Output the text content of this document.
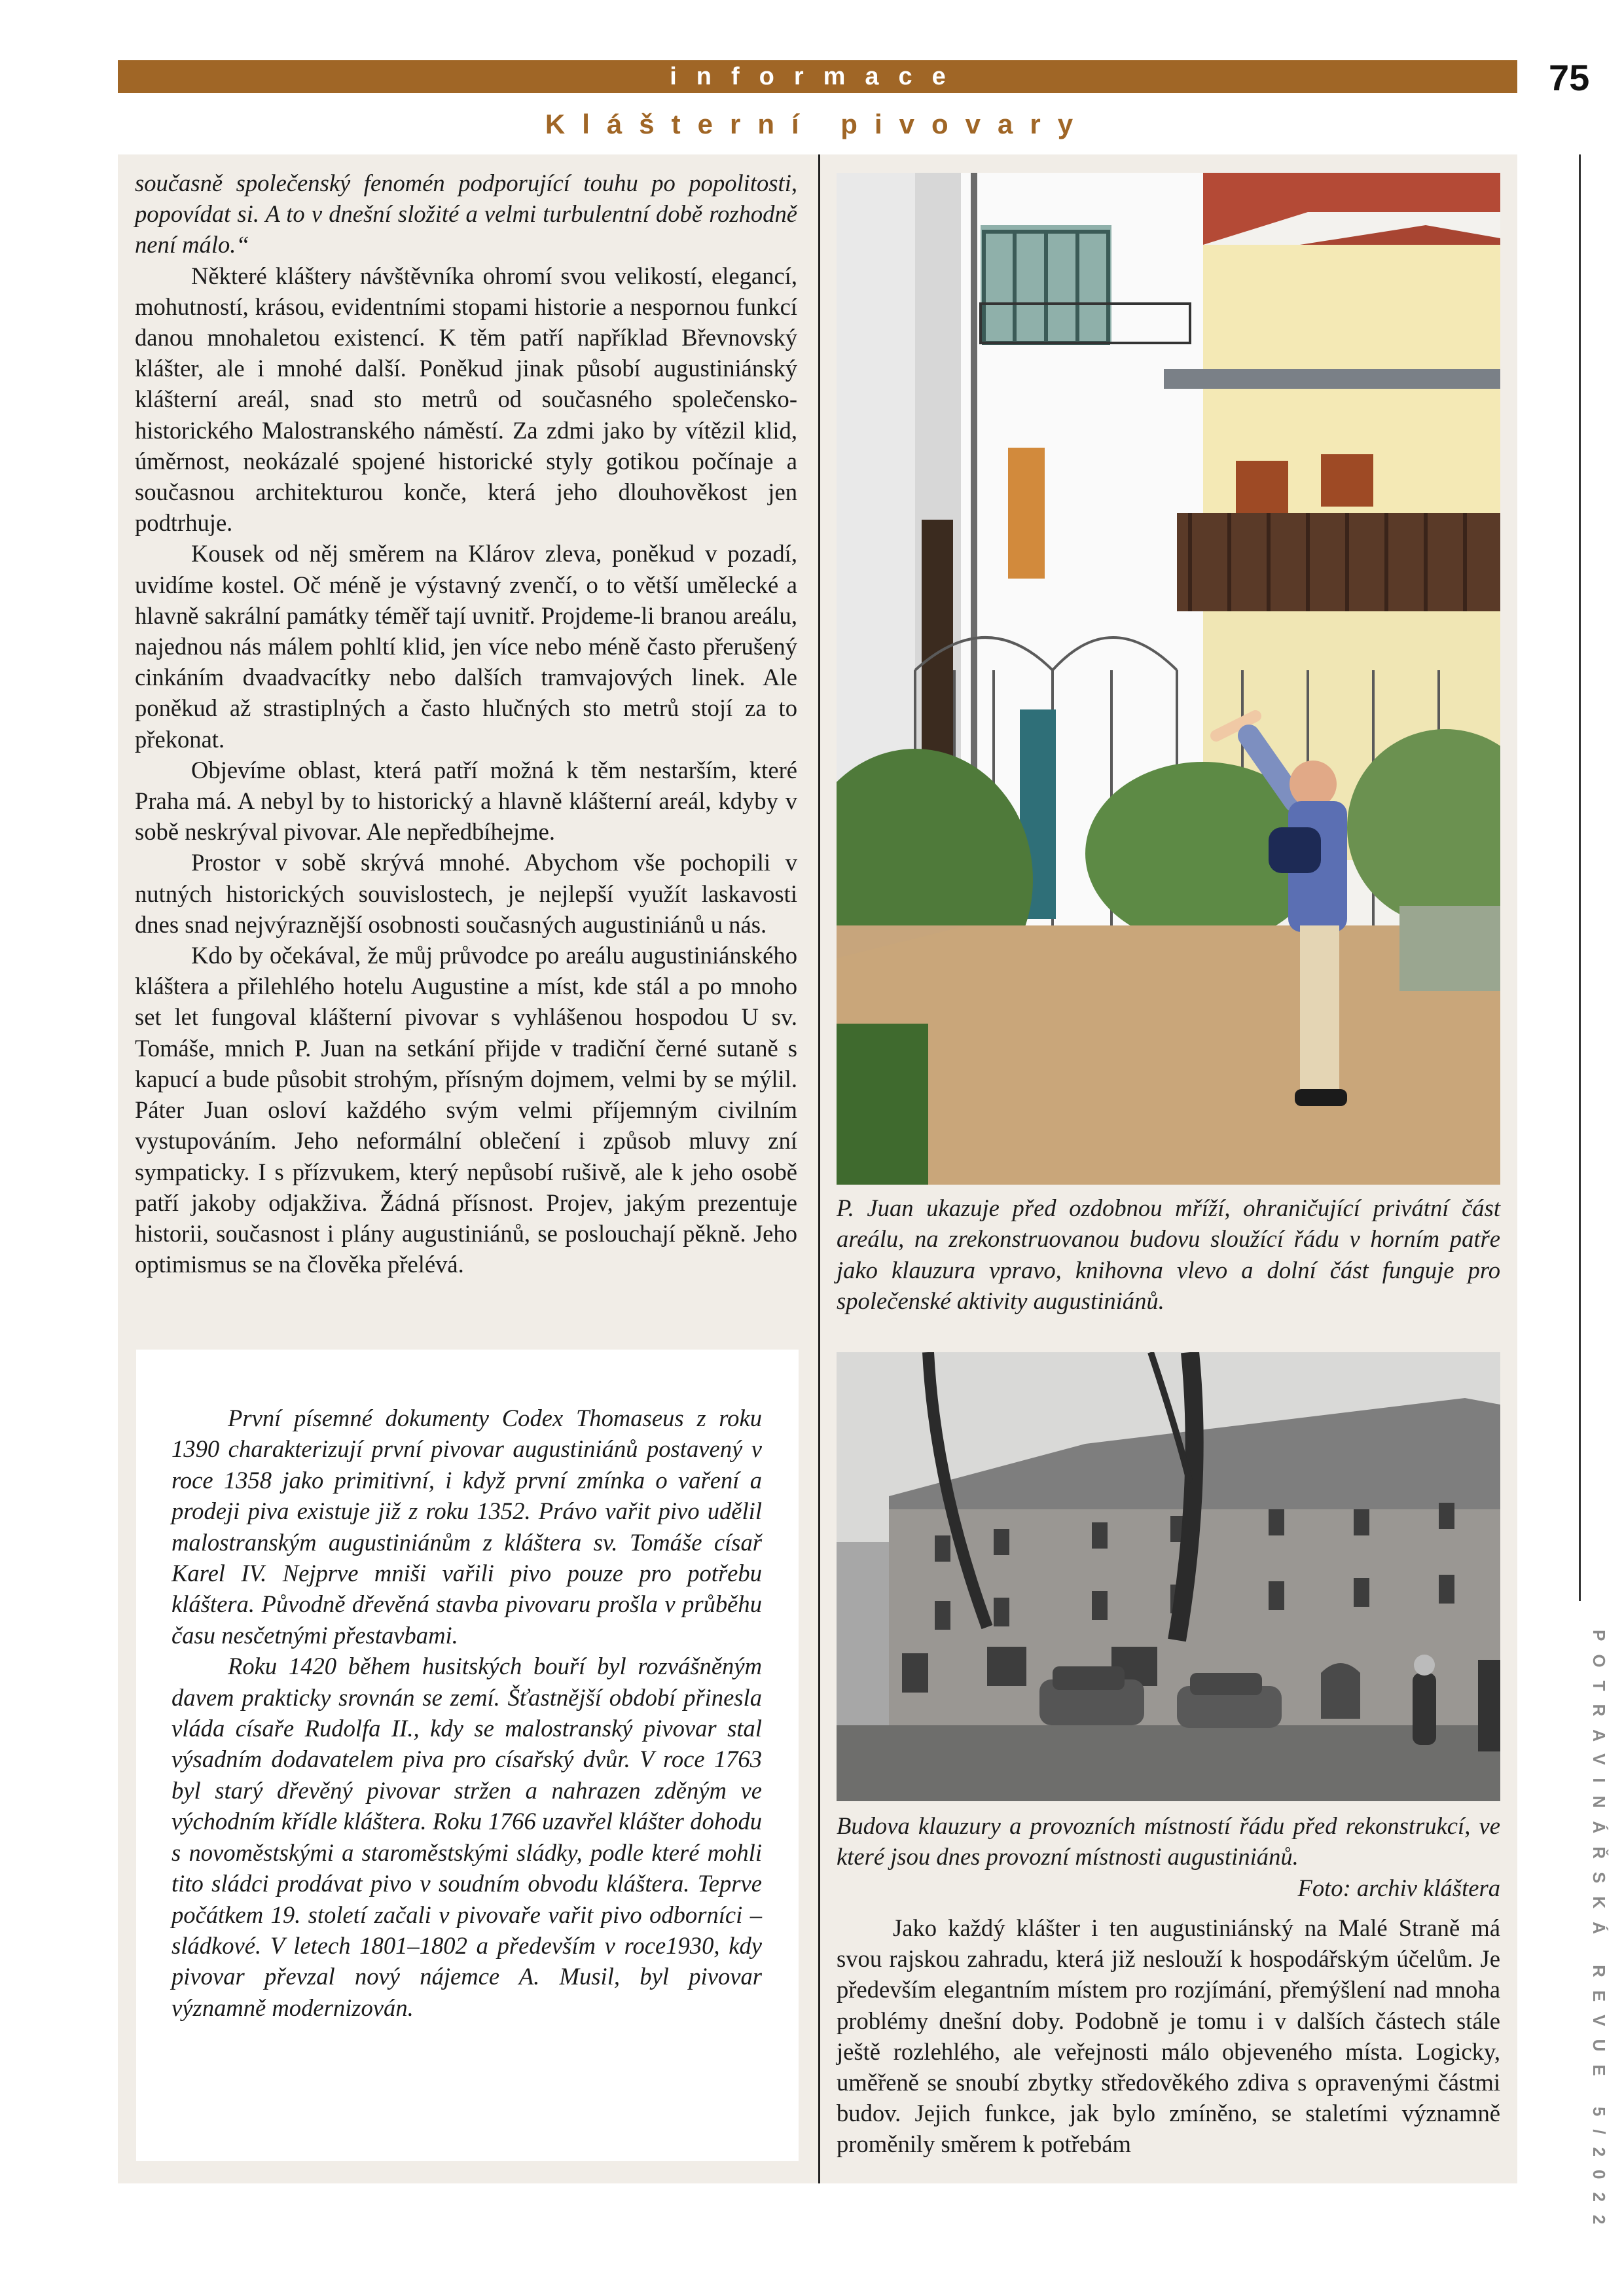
informace	75
Klášterní pivovary

současně společenský fenomén podporující touhu po popolitosti, popovídat si. A to v dnešní složité a velmi turbulentní době rozhodně není málo.“

Některé kláštery návštěvníka ohromí svou velikostí, elegancí, mohutností, krásou, evidentními stopami historie a nespornou funkcí danou mnohaletou existencí. K těm patří například Břevnovský klášter, ale i mnohé další. Poněkud jinak působí augustiniánský klášterní areál, snad sto metrů od současného společensko-historického Malostranského náměstí. Za zdmi jako by vítězil klid, úměrnost, neokázalé spojené historické styly gotikou počínaje a současnou architekturou konče, která jeho dlouhověkost jen podtrhuje.

Kousek od něj směrem na Klárov zleva, poněkud v pozadí, uvidíme kostel. Oč méně je výstavný zvenčí, o to větší umělecké a hlavně sakrální památky téměř tají uvnitř. Projdeme-li branou areálu, najednou nás málem pohltí klid, jen více nebo méně často přerušený cinkáním dvaadvacítky nebo dalších tramvajových linek. Ale poněkud až strastiplných a často hlučných sto metrů stojí za to překonat.

Objevíme oblast, která patří možná k těm nestarším, které Praha má. A nebyl by to historický a hlavně klášterní areál, kdyby v sobě neskrýval pivovar. Ale nepředbíhejme.

Prostor v sobě skrývá mnohé. Abychom vše pochopili v nutných historických souvislostech, je nejlepší využít laskavosti dnes snad nejvýraznější osobnosti současných augustiniánů u nás.

Kdo by očekával, že můj průvodce po areálu augustiniánského kláštera a přilehlého hotelu Augustine a míst, kde stál a po mnoho set let fungoval klášterní pivovar s vyhlášenou hospodou U sv. Tomáše, mnich P. Juan na setkání přijde v tradiční černé sutaně s kapucí a bude působit strohým, přísným dojmem, velmi by se mýlil. Páter Juan osloví každého svým velmi příjemným civilním vystupováním. Jeho neformální oblečení i způsob mluvy zní sympaticky. I s přízvukem, který nepůsobí rušivě, ale k jeho osobě patří jakoby odjakživa. Žádná přísnost. Projev, jakým prezentuje historii, současnost i plány augustiniánů, se poslouchají pěkně. Jeho optimismus se na člověka přelévá.

První písemné dokumenty Codex Thomaseus z roku 1390 charakterizují první pivovar augustiniánů postavený v roce 1358 jako primitivní, i když první zmínka o vaření a prodeji piva existuje již z roku 1352. Právo vařit pivo udělil malostranským augustiniánům z kláštera sv. Tomáše císař Karel IV. Nejprve mniši vařili pivo pouze pro potřebu kláštera. Původně dřevěná stavba pivovaru prošla v průběhu času nesčetnými přestavbami.

Roku 1420 během husitských bouří byl rozvášněným davem prakticky srovnán se zemí. Šťastnější období přinesla vláda císaře Rudolfa II., kdy se malostranský pivovar stal výsadním dodavatelem piva pro císařský dvůr. V roce 1763 byl starý dřevěný pivovar stržen a nahrazen zděným ve východním křídle kláštera. Roku 1766 uzavřel klášter dohodu s novoměstskými a staroměstskými sládky, podle které mohli tito sládci prodávat pivo v soudním obvodu kláštera. Teprve počátkem 19. století začali v pivovaře vařit pivo odborníci – sládkové. V letech 1801–1802 a především v roce1930, kdy pivovar převzal nový nájemce A. Musil, byl pivovar významně modernizován.

P. Juan ukazuje před ozdobnou mříží, ohraničující privátní část areálu, na zrekonstruovanou budovu sloužící řádu v horním patře jako klauzura vpravo, knihovna vlevo a dolní část funguje pro společenské aktivity augustiniánů.
Budova klauzury a provozních místností řádu před rekonstrukcí, ve které jsou dnes provozní místnosti augustiniánů.
Foto: archiv kláštera

Jako každý klášter i ten augustiniánský na Malé Straně má svou rajskou zahradu, která již neslouží k hospodářským účelům. Je především elegantním místem pro rozjímání, přemýšlení nad mnoha problémy dnešní doby. Podobně je tomu i v dalších částech stále ještě rozlehlého, ale veřejnosti málo objeveného místa. Logicky, uměřeně se snoubí zbytky středověkého zdiva s opravenými částmi budov. Jejich funkce, jak bylo zmíněno, se staletími významně proměnily směrem k potřebám	POTRAVINÁŘSKÁ REVUE 5/2022
